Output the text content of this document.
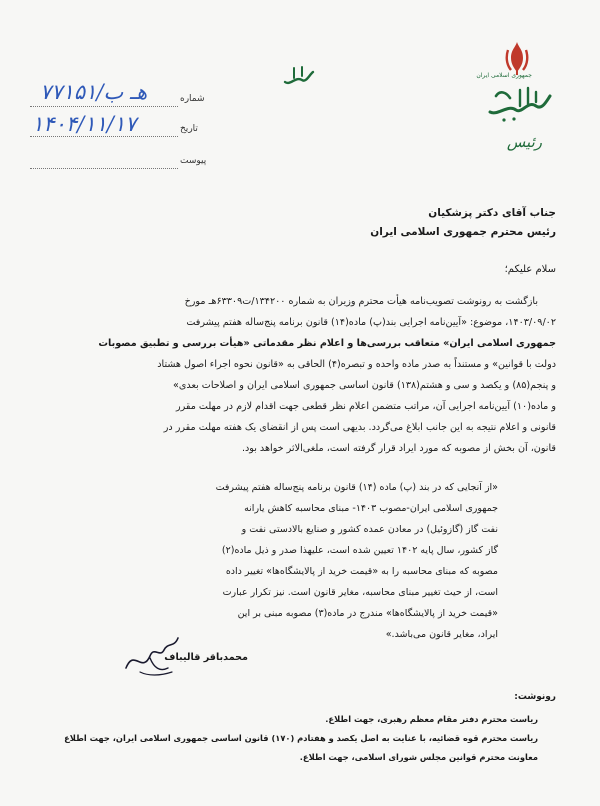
جمهوری اسلامی ایران
رئیس
شماره
۷۷۱۵۱/هـ ب
تاریخ
۱۴۰۴/۱۱/۱۷
پیوست
جناب آقای دکتر پزشکیان
رئیس محترم جمهوری اسلامی ایران
سلام علیکم؛
بازگشت به رونوشت تصویب‌نامه هیأت محترم وزیران به شماره ۱۳۴۲۰۰/ت۶۳۳۰۹هـ مورخ
۱۴۰۳/۰۹/۰۲، موضوع: «آیین‌نامه اجرایی بند(پ) ماده(۱۴) قانون برنامه پنج‌ساله هفتم پیشرفت
جمهوری اسلامی ایران» متعاقب بررسی‌ها و اعلام نظر مقدماتی «هیأت بررسی و تطبیق مصوبات
دولت با قوانین» و مستنداً به صدر ماده واحده و تبصره(۴) الحاقی به «قانون نحوه اجراء اصول هشتاد
و پنجم(۸۵) و یکصد و سی و هشتم(۱۳۸) قانون اساسی جمهوری اسلامی ایران و اصلاحات بعدی»
و ماده(۱۰) آیین‌نامه اجرایی آن، مراتب متضمن اعلام نظر قطعی جهت اقدام لازم در مهلت مقرر
قانونی و اعلام نتیجه به این جانب ابلاغ می‌گردد. بدیهی است پس از انقضای یک هفته مهلت مقرر در
قانون، آن بخش از مصوبه که مورد ایراد قرار گرفته است، ملغی‌الاثر خواهد بود.
«از آنجایی که در بند (پ) ماده (۱۴) قانون برنامه پنج‌ساله هفتم پیشرفت
جمهوری اسلامی ایران-مصوب ۱۴۰۳- مبنای محاسبه کاهش یارانه
نفت گاز (گازوئیل) در معادن عمده کشور و صنایع بالادستی نفت و
گاز کشور، سال پایه ۱۴۰۲ تعیین شده است، علیهذا صدر و ذیل ماده(۲)
مصوبه که مبنای محاسبه را به «قیمت خرید از پالایشگاه‌ها» تغییر داده
است، از حیث تغییر مبنای محاسبه، مغایر قانون است. نیز تکرار عبارت
«قیمت خرید از پالایشگاه‌ها» مندرج در ماده(۳) مصوبه مبنی بر این
ایراد، مغایر قانون می‌باشد.»
محمدباقر قالیباف
رونوشت:
ریاست محترم دفتر مقام معظم رهبری، جهت اطلاع.
ریاست محترم قوه قضائیه، با عنایت به اصل یکصد و هفتادم (۱۷۰) قانون اساسی جمهوری اسلامی ایران، جهت اطلاع
معاونت محترم قوانین مجلس شورای اسلامی، جهت اطلاع.
